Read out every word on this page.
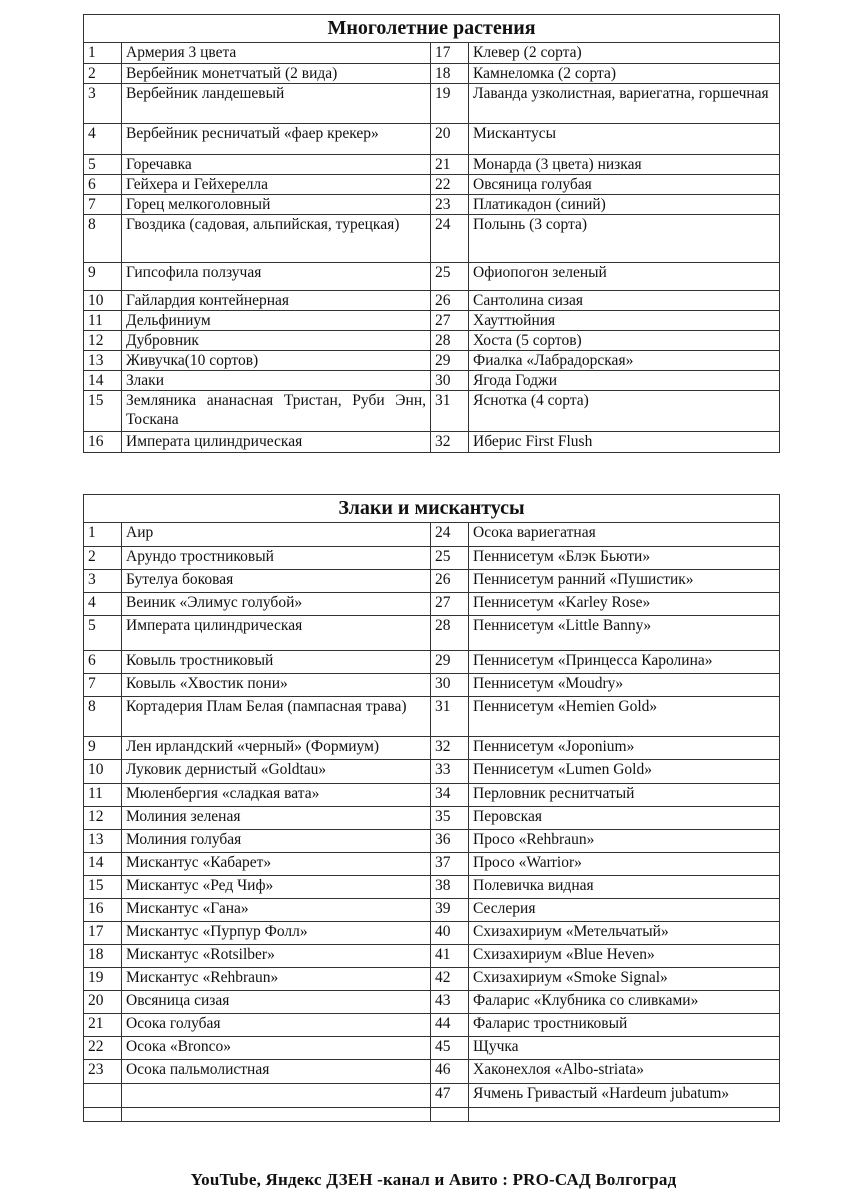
Многолетние растения			
1	Армерия 3 цвета	17	Клевер (2 сорта)
2	Вербейник монетчатый (2 вида)	18	Камнеломка (2 сорта)
3	Вербейник ландешевый	19	Лаванда узколистная, вариегатна, горшечная
4	Вербейник ресничатый «фаер крекер»	20	Мискантусы
5	Горечавка	21	Монарда (3 цвета) низкая
6	Гейхера и Гейхерелла	22	Овсяница голубая
7	Горец мелкоголовный	23	Платикадон (синий)
8	Гвоздика (садовая, альпийская, турецкая)	24	Полынь (3 сорта)
9	Гипсофила ползучая	25	Офиопогон зеленый
10	Гайлардия контейнерная	26	Сантолина сизая
11	Дельфиниум	27	Хауттюйния
12	Дубровник	28	Хоста (5 сортов)
13	Живучка(10 сортов)	29	Фиалка «Лабрадорская»
14	Злаки	30	Ягода Годжи
15	Земляника ананасная Тристан, Руби Энн, Тоскана	31	Яснотка (4 сорта)
16	Императа цилиндрическая	32	Иберис First Flush
Злаки и мискантусы			
1	Аир	24	Осока вариегатная
2	Арундо тростниковый	25	Пеннисетум «Блэк Бьюти»
3	Бутелуа боковая	26	Пеннисетум ранний «Пушистик»
4	Веиник «Элимус голубой»	27	Пеннисетум «Karley Rose»
5	Императа цилиндрическая	28	Пеннисетум «Little Banny»
6	Ковыль тростниковый	29	Пеннисетум «Принцесса Каролина»
7	Ковыль «Хвостик пони»	30	Пеннисетум «Moudry»
8	Кортадерия Плам Белая (пампасная трава)	31	Пеннисетум «Hemien Gold»
9	Лен ирландский «черный» (Формиум)	32	Пеннисетум «Joponium»
10	Луковик дернистый «Goldtau»	33	Пеннисетум «Lumen Gold»
11	Мюленбергия «сладкая вата»	34	Перловник реснитчатый
12	Молиния зеленая	35	Перовская
13	Молиния голубая	36	Просо «Rehbraun»
14	Мискантус «Кабарет»	37	Просо «Warrior»
15	Мискантус «Ред Чиф»	38	Полевичка видная
16	Мискантус «Гана»	39	Сеслерия
17	Мискантус «Пурпур Фолл»	40	Схизахириум «Метельчатый»
18	Мискантус «Rotsilber»	41	Схизахириум «Blue Heven»
19	Мискантус «Rehbraun»	42	Схизахириум «Smoke Signal»
20	Овсяница сизая	43	Фаларис «Клубника со сливками»
21	Осока голубая	44	Фаларис тростниковый
22	Осока «Bronco»	45	Щучка
23	Осока пальмолистная	46	Хаконехлоя «Albo-striata»
		47	Ячмень Гривастый «Hardeum jubatum»

YouTube, Яндекс ДЗЕН -канал и Авито : PRO-САД Волгоград
